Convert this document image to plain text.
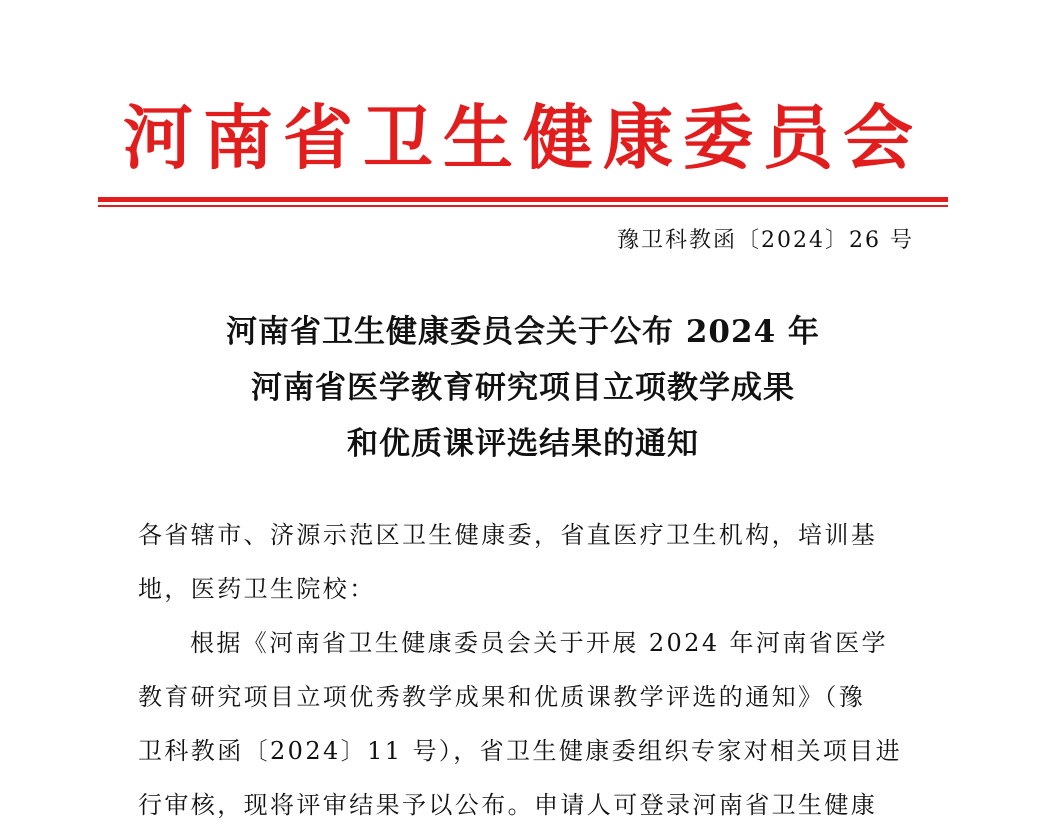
河南省卫生健康委员会
豫卫科教函〔2024〕26 号
河南省卫生健康委员会关于公布 2024 年
河南省医学教育研究项目立项教学成果
和优质课评选结果的通知
各省辖市、济源示范区卫生健康委，省直医疗卫生机构，培训基
地，医药卫生院校：
根据《河南省卫生健康委员会关于开展 2024 年河南省医学
教育研究项目立项优秀教学成果和优质课教学评选的通知》（豫
卫科教函〔2024〕11 号），省卫生健康委组织专家对相关项目进
行审核，现将评审结果予以公布。申请人可登录河南省卫生健康
